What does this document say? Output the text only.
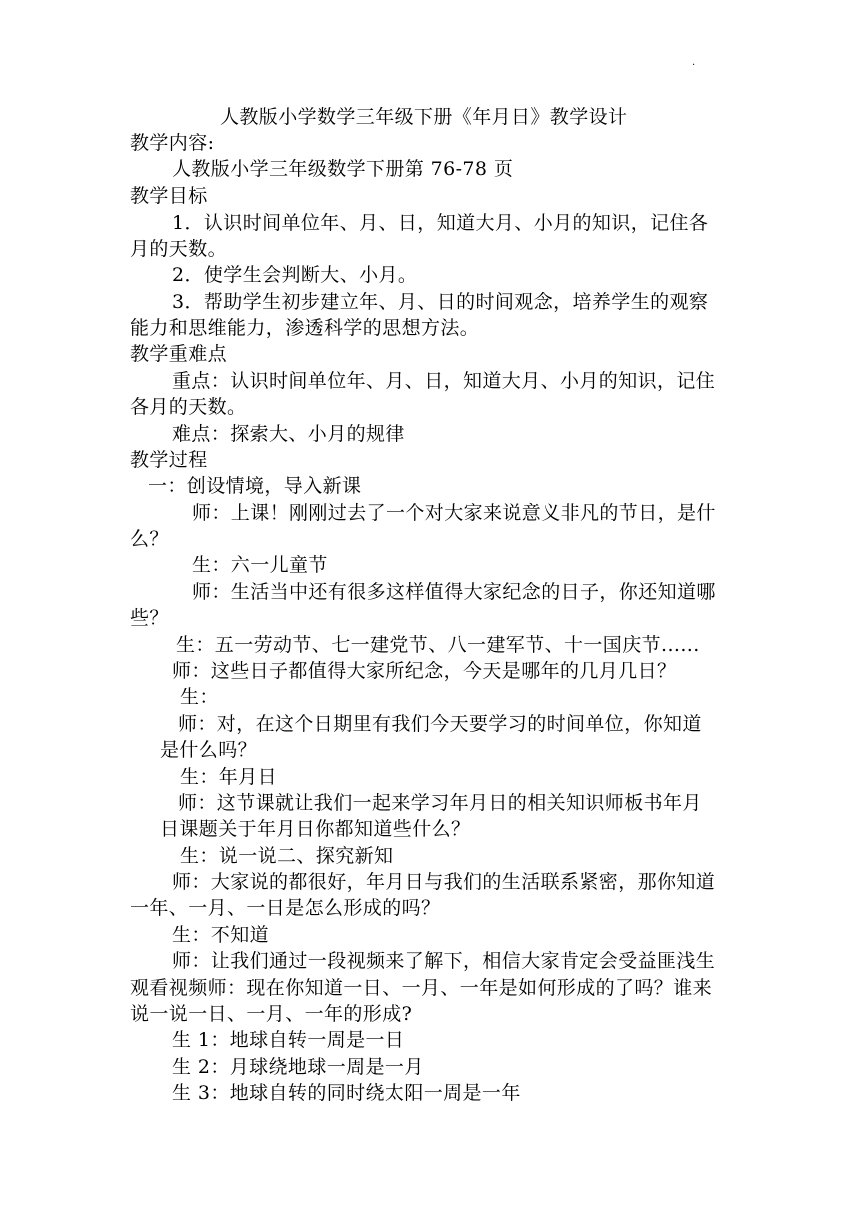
.
人教版小学数学三年级下册《年月日》教学设计
教学内容:
人教版小学三年级数学下册第 76-78 页
教学目标
1．认识时间单位年、月、日，知道大月、小月的知识，记住各
月的天数。
2．使学生会判断大、小月。
3．帮助学生初步建立年、月、日的时间观念，培养学生的观察
能力和思维能力，渗透科学的思想方法。
教学重难点
重点：认识时间单位年、月、日，知道大月、小月的知识，记住
各月的天数。
难点：探索大、小月的规律
教学过程
一：创设情境，导入新课
师：上课！刚刚过去了一个对大家来说意义非凡的节日，是什
么？
生：六一儿童节
师：生活当中还有很多这样值得大家纪念的日子，你还知道哪
些？
生：五一劳动节、七一建党节、八一建军节、十一国庆节......
师：这些日子都值得大家所纪念，今天是哪年的几月几日？
生：
师：对，在这个日期里有我们今天要学习的时间单位，你知道
是什么吗？
生：年月日
师：这节课就让我们一起来学习年月日的相关知识师板书年月
日课题关于年月日你都知道些什么？
生：说一说二、探究新知
师：大家说的都很好，年月日与我们的生活联系紧密，那你知道
一年、一月、一日是怎么形成的吗？
生：不知道
师：让我们通过一段视频来了解下，相信大家肯定会受益匪浅生
观看视频师：现在你知道一日、一月、一年是如何形成的了吗？谁来
说一说一日、一月、一年的形成?
生 1：地球自转一周是一日
生 2：月球绕地球一周是一月
生 3：地球自转的同时绕太阳一周是一年
